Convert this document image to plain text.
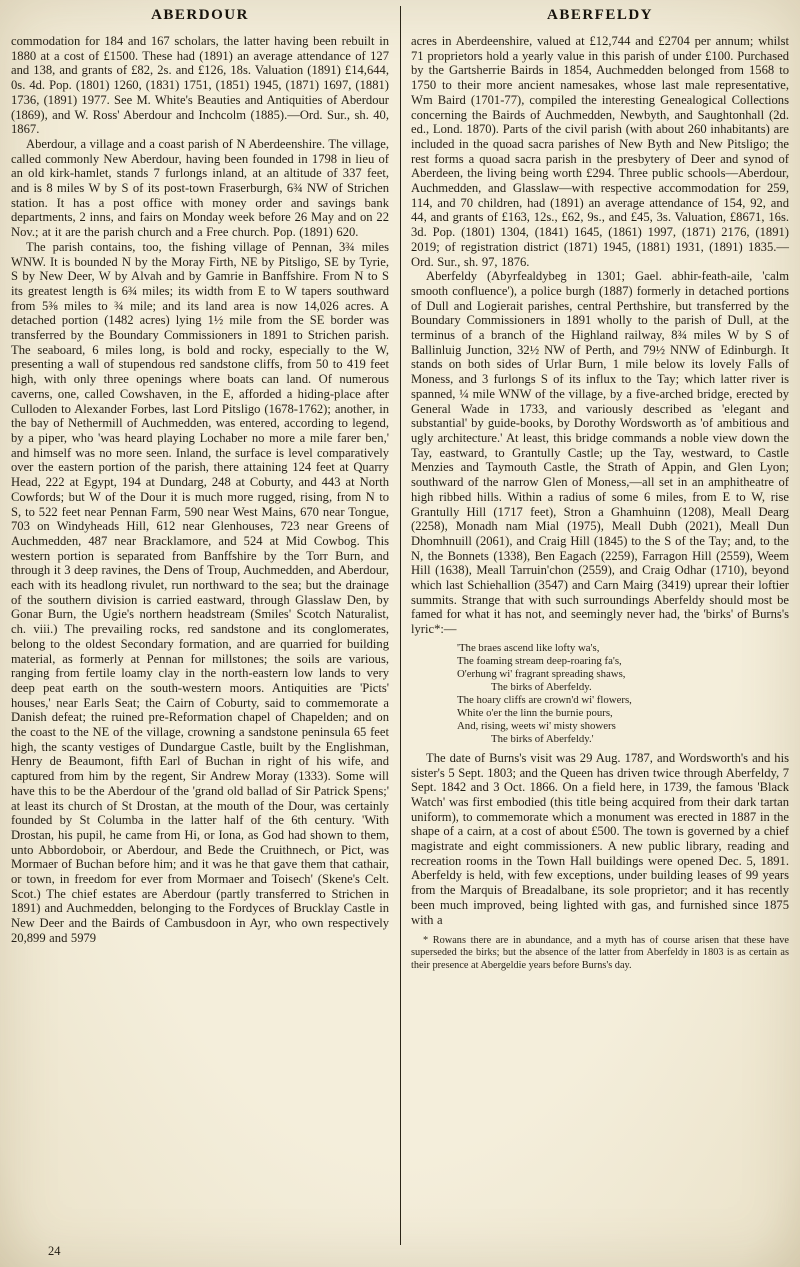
ABERDOUR	ABERFELDY

commodation for 184 and 167 scholars, the latter having been rebuilt in 1880 at a cost of £1500. These had (1891) an average attendance of 127 and 138, and grants of £82, 2s. and £126, 18s. Valuation (1891) £14,644, 0s. 4d. Pop. (1801) 1260, (1831) 1751, (1851) 1945, (1871) 1697, (1881) 1736, (1891) 1977. See M. White's Beauties and Antiquities of Aberdour (1869), and W. Ross' Aberdour and Inchcolm (1885).—Ord. Sur., sh. 40, 1867.

Aberdour, a village and a coast parish of N Aberdeenshire. The village, called commonly New Aberdour, having been founded in 1798 in lieu of an old kirk-hamlet, stands 7 furlongs inland, at an altitude of 337 feet, and is 8 miles W by S of its post-town Fraserburgh, 6¾ NW of Strichen station. It has a post office with money order and savings bank departments, 2 inns, and fairs on Monday week before 26 May and on 22 Nov.; at it are the parish church and a Free church. Pop. (1891) 620.

The parish contains, too, the fishing village of Pennan, 3¾ miles WNW. It is bounded N by the Moray Firth, NE by Pitsligo, SE by Tyrie, S by New Deer, W by Alvah and by Gamrie in Banffshire. From N to S its greatest length is 6¾ miles; its width from E to W tapers southward from 5⅜ miles to ¾ mile; and its land area is now 14,026 acres. A detached portion (1482 acres) lying 1½ mile from the SE border was transferred by the Boundary Commissioners in 1891 to Strichen parish. The seaboard, 6 miles long, is bold and rocky, especially to the W, presenting a wall of stupendous red sandstone cliffs, from 50 to 419 feet high, with only three openings where boats can land. Of numerous caverns, one, called Cowshaven, in the E, afforded a hiding-place after Culloden to Alexander Forbes, last Lord Pitsligo (1678-1762); another, in the bay of Nethermill of Auchmedden, was entered, according to legend, by a piper, who 'was heard playing Lochaber no more a mile farer ben,' and himself was no more seen. Inland, the surface is level comparatively over the eastern portion of the parish, there attaining 124 feet at Quarry Head, 222 at Egypt, 194 at Dundarg, 248 at Coburty, and 443 at North Cowfords; but W of the Dour it is much more rugged, rising, from N to S, to 522 feet near Pennan Farm, 590 near West Mains, 670 near Tongue, 703 on Windyheads Hill, 612 near Glenhouses, 723 near Greens of Auchmedden, 487 near Bracklamore, and 524 at Mid Cowbog. This western portion is separated from Banffshire by the Torr Burn, and through it 3 deep ravines, the Dens of Troup, Auchmedden, and Aberdour, each with its headlong rivulet, run northward to the sea; but the drainage of the southern division is carried eastward, through Glasslaw Den, by Gonar Burn, the Ugie's northern headstream (Smiles' Scotch Naturalist, ch. viii.) The prevailing rocks, red sandstone and its conglomerates, belong to the oldest Secondary formation, and are quarried for building material, as formerly at Pennan for millstones; the soils are various, ranging from fertile loamy clay in the north-eastern low lands to very deep peat earth on the south-western moors. Antiquities are 'Picts' houses,' near Earls Seat; the Cairn of Coburty, said to commemorate a Danish defeat; the ruined pre-Reformation chapel of Chapelden; and on the coast to the NE of the village, crowning a sandstone peninsula 65 feet high, the scanty vestiges of Dundargue Castle, built by the Englishman, Henry de Beaumont, fifth Earl of Buchan in right of his wife, and captured from him by the regent, Sir Andrew Moray (1333). Some will have this to be the Aberdour of the 'grand old ballad of Sir Patrick Spens;' at least its church of St Drostan, at the mouth of the Dour, was certainly founded by St Columba in the latter half of the 6th century. 'With Drostan, his pupil, he came from Hi, or Iona, as God had shown to them, unto Abbordoboir, or Aberdour, and Bede the Cruithnech, or Pict, was Mormaer of Buchan before him; and it was he that gave them that cathair, or town, in freedom for ever from Mormaer and Toisech' (Skene's Celt. Scot.) The chief estates are Aberdour (partly transferred to Strichen in 1891) and Auchmedden, belonging to the Fordyces of Brucklay Castle in New Deer and the Bairds of Cambusdoon in Ayr, who own respectively 20,899 and 5979

acres in Aberdeenshire, valued at £12,744 and £2704 per annum; whilst 71 proprietors hold a yearly value in this parish of under £100. Purchased by the Gartsherrie Bairds in 1854, Auchmedden belonged from 1568 to 1750 to their more ancient namesakes, whose last male representative, Wm Baird (1701-77), compiled the interesting Genealogical Collections concerning the Bairds of Auchmedden, Newbyth, and Saughtonhall (2d. ed., Lond. 1870). Parts of the civil parish (with about 260 inhabitants) are included in the quoad sacra parishes of New Byth and New Pitsligo; the rest forms a quoad sacra parish in the presbytery of Deer and synod of Aberdeen, the living being worth £294. Three public schools—Aberdour, Auchmedden, and Glasslaw—with respective accommodation for 259, 114, and 70 children, had (1891) an average attendance of 154, 92, and 44, and grants of £163, 12s., £62, 9s., and £45, 3s. Valuation, £8671, 16s. 3d. Pop. (1801) 1304, (1841) 1645, (1861) 1997, (1871) 2176, (1891) 2019; of registration district (1871) 1945, (1881) 1931, (1891) 1835.—Ord. Sur., sh. 97, 1876.

Aberfeldy (Abyrfealdybeg in 1301; Gael. abhir-feath-aile, 'calm smooth confluence'), a police burgh (1887) formerly in detached portions of Dull and Logierait parishes, central Perthshire, but transferred by the Boundary Commissioners in 1891 wholly to the parish of Dull, at the terminus of a branch of the Highland railway, 8¾ miles W by S of Ballinluig Junction, 32½ NW of Perth, and 79½ NNW of Edinburgh. It stands on both sides of Urlar Burn, 1 mile below its lovely Falls of Moness, and 3 furlongs S of its influx to the Tay; which latter river is spanned, ¼ mile WNW of the village, by a five-arched bridge, erected by General Wade in 1733, and variously described as 'elegant and substantial' by guide-books, by Dorothy Wordsworth as 'of ambitious and ugly architecture.' At least, this bridge commands a noble view down the Tay, eastward, to Grantully Castle; up the Tay, westward, to Castle Menzies and Taymouth Castle, the Strath of Appin, and Glen Lyon; southward of the narrow Glen of Moness,—all set in an amphitheatre of high ribbed hills. Within a radius of some 6 miles, from E to W, rise Grantully Hill (1717 feet), Stron a Ghamhuinn (1208), Meall Dearg (2258), Monadh nam Mial (1975), Meall Dubh (2021), Meall Dun Dhomhnuill (2061), and Craig Hill (1845) to the S of the Tay; and, to the N, the Bonnets (1338), Ben Eagach (2259), Farragon Hill (2559), Weem Hill (1638), Meall Tarruin'chon (2559), and Craig Odhar (1710), beyond which last Schiehallion (3547) and Carn Mairg (3419) uprear their loftier summits. Strange that with such surroundings Aberfeldy should most be famed for what it has not, and seemingly never had, the 'birks' of Burns's lyric*:—

'The braes ascend like lofty wa's,
The foaming stream deep-roaring fa's,
O'erhung wi' fragrant spreading shaws,
The birks of Aberfeldy.
The hoary cliffs are crown'd wi' flowers,
White o'er the linn the burnie pours,
And, rising, weets wi' misty showers
The birks of Aberfeldy.'

The date of Burns's visit was 29 Aug. 1787, and Wordsworth's and his sister's 5 Sept. 1803; and the Queen has driven twice through Aberfeldy, 7 Sept. 1842 and 3 Oct. 1866. On a field here, in 1739, the famous 'Black Watch' was first embodied (this title being acquired from their dark tartan uniform), to commemorate which a monument was erected in 1887 in the shape of a cairn, at a cost of about £500. The town is governed by a chief magistrate and eight commissioners. A new public library, reading and recreation rooms in the Town Hall buildings were opened Dec. 5, 1891. Aberfeldy is held, with few exceptions, under building leases of 99 years from the Marquis of Breadalbane, its sole proprietor; and it has recently been much improved, being lighted with gas, and furnished since 1875 with a

* Rowans there are in abundance, and a myth has of course arisen that these have superseded the birks; but the absence of the latter from Aberfeldy in 1803 is as certain as their presence at Abergeldie years before Burns's day.
24
